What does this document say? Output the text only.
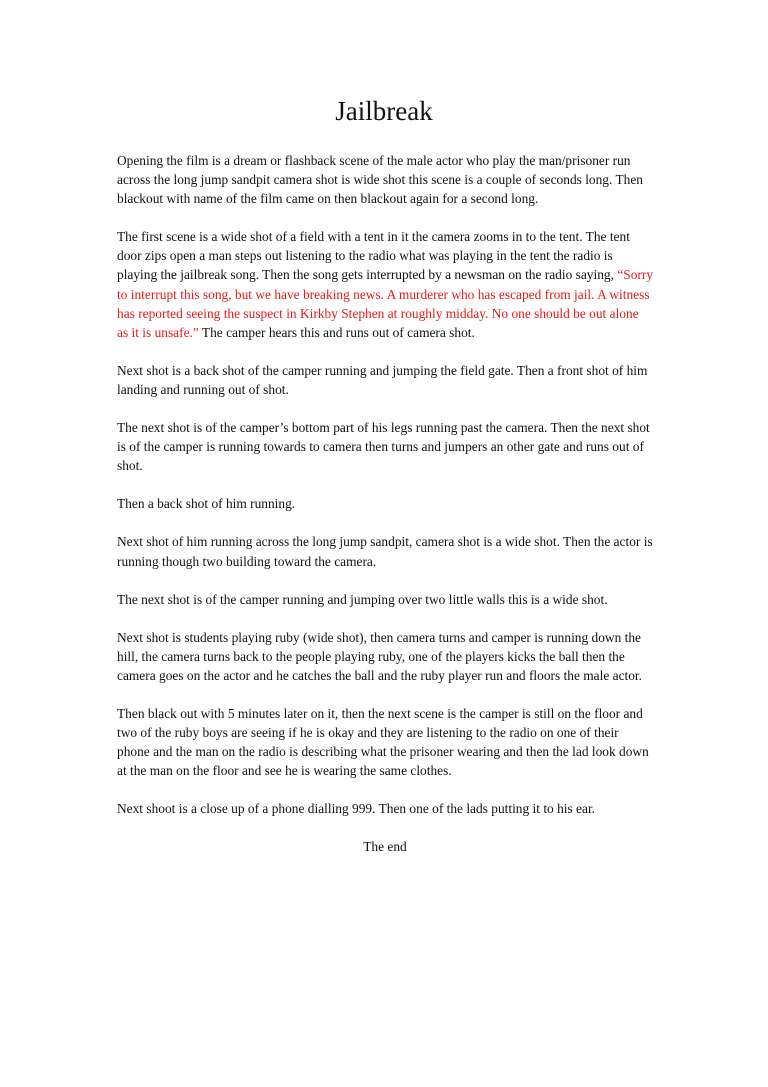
Jailbreak

Opening the film is a dream or flashback scene of the male actor who play the man/prisoner run across the long jump sandpit camera shot is wide shot this scene is a couple of seconds long. Then blackout with name of the film came on then blackout again for a second long.

The first scene is a wide shot of a field with a tent in it the camera zooms in to the tent. The tent door zips open a man steps out listening to the radio what was playing in the tent the radio is playing the jailbreak song. Then the song gets interrupted by a newsman on the radio saying, “Sorry to interrupt this song, but we have breaking news. A murderer who has escaped from jail. A witness has reported seeing the suspect in Kirkby Stephen at roughly midday. No one should be out alone as it is unsafe.” The camper hears this and runs out of camera shot.

Next shot is a back shot of the camper running and jumping the field gate. Then a front shot of him landing and running out of shot.

The next shot is of the camper’s bottom part of his legs running past the camera. Then the next shot is of the camper is running towards to camera then turns and jumpers an other gate and runs out of shot.

Then a back shot of him running.

Next shot of him running across the long jump sandpit, camera shot is a wide shot. Then the actor is running though two building toward the camera.

The next shot is of the camper running and jumping over two little walls this is a wide shot.

Next shot is students playing ruby (wide shot), then camera turns and camper is running down the hill, the camera turns back to the people playing ruby, one of the players kicks the ball then the camera goes on the actor and he catches the ball and the ruby player run and floors the male actor.

Then black out with 5 minutes later on it, then the next scene is the camper is still on the floor and two of the ruby boys are seeing if he is okay and they are listening to the radio on one of their phone and the man on the radio is describing what the prisoner wearing and then the lad look down at the man on the floor and see he is wearing the same clothes.

Next shoot is a close up of a phone dialling 999. Then one of the lads putting it to his ear.

The end
